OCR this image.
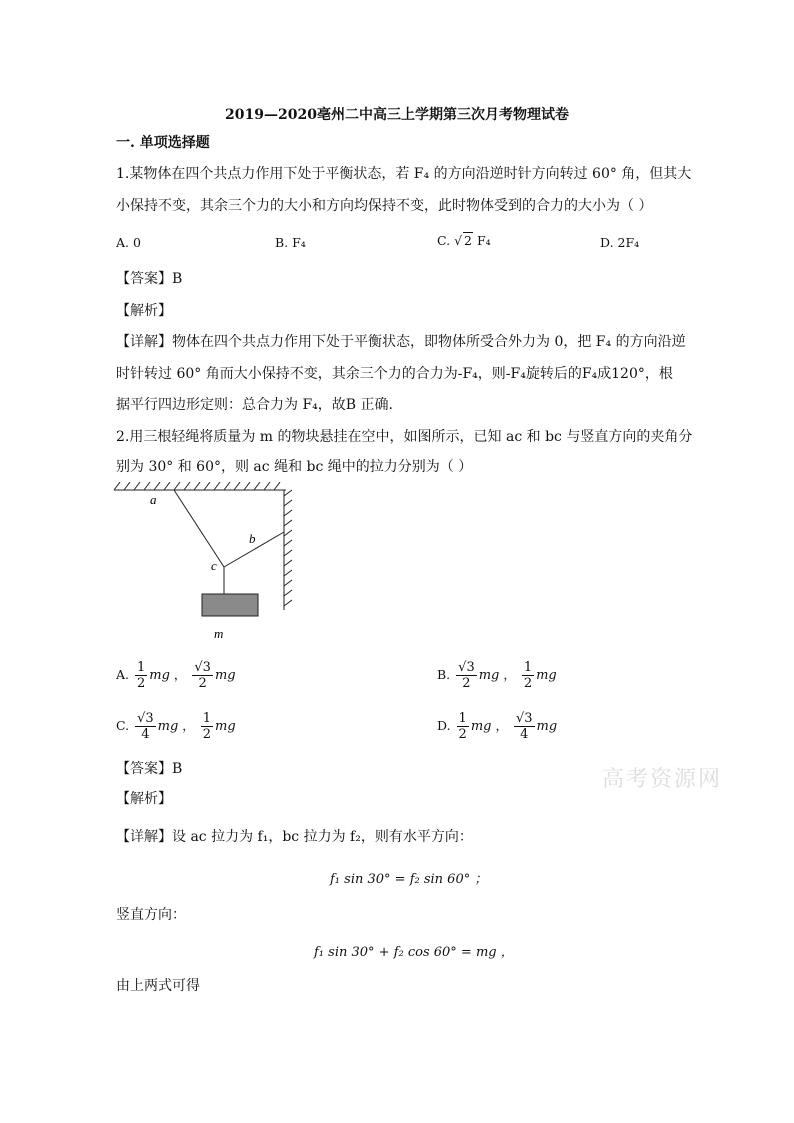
2019—2020亳州二中高三上学期第三次月考物理试卷
一. 单项选择题
1.某物体在四个共点力作用下处于平衡状态，若 F₄ 的方向沿逆时针方向转过 60° 角，但其大
小保持不变，其余三个力的大小和方向均保持不变，此时物体受到的合力的大小为（ ）
A. 0	B. F₄	C. √ 2 F₄	D. 2F₄
【答案】B
【解析】
【详解】物体在四个共点力作用下处于平衡状态，即物体所受合外力为 0，把 F₄ 的方向沿逆
时针转过 60° 角而大小保持不变，其余三个力的合力为-F₄，则-F₄旋转后的F₄成120°，根
据平行四边形定则：总合力为 F₄，故B 正确.
2.用三根轻绳将质量为 m 的物块悬挂在空中，如图所示，已知 ac 和 bc 与竖直方向的夹角分
别为 30° 和 60°，则 ac 绳和 bc 绳中的拉力分别为（ ）
a
b
c
m
A. $\frac{1}{2}$ mg ， $\frac{√3}{2}$ mg	B. $\frac{√3}{2}$ mg ， $\frac{1}{2}$ mg
C. $\frac{√3}{4}$ mg ， $\frac{1}{2}$ mg	D. $\frac{1}{2}$ mg ， $\frac{√3}{4}$ mg
【答案】B	高考资源网
【解析】
【详解】设 ac 拉力为 f₁，bc 拉力为 f₂，则有水平方向：
f₁ sin 30° = f₂ sin 60° ；
竖直方向：
f₁ sin 30° + f₂ cos 60° = mg ，
由上两式可得
